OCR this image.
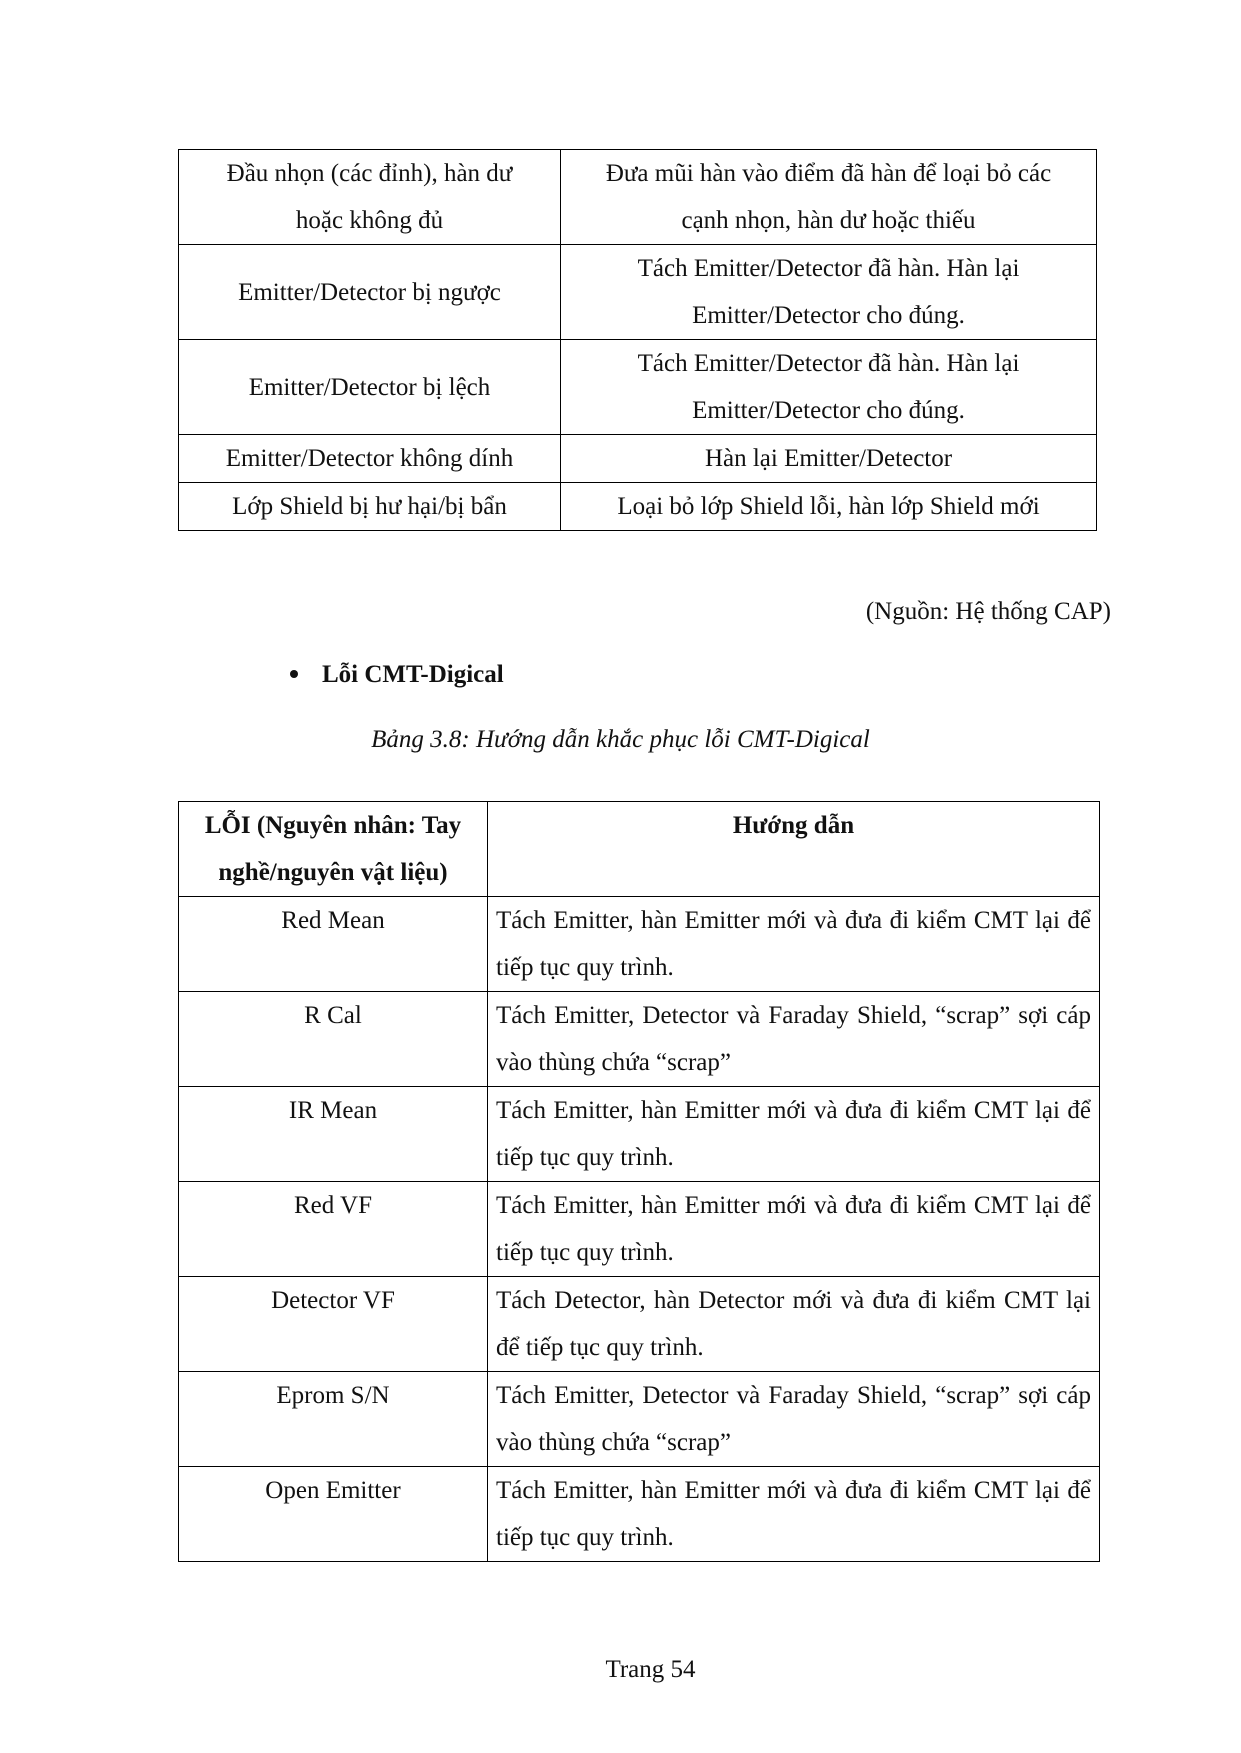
Đầu nhọn (các đỉnh), hàn dư hoặc không đủ	Đưa mũi hàn vào điểm đã hàn để loại bỏ các cạnh nhọn, hàn dư hoặc thiếu
Emitter/Detector bị ngược	Tách Emitter/Detector đã hàn. Hàn lại Emitter/Detector cho đúng.
Emitter/Detector bị lệch	Tách Emitter/Detector đã hàn. Hàn lại Emitter/Detector cho đúng.
Emitter/Detector không dính	Hàn lại Emitter/Detector
Lớp Shield bị hư hại/bị bẩn	Loại bỏ lớp Shield lỗi, hàn lớp Shield mới

(Nguồn: Hệ thống CAP)

Lỗi CMT-Digical

Bảng 3.8: Hướng dẫn khắc phục lỗi CMT-Digical

LỖI (Nguyên nhân: Tay nghề/nguyên vật liệu)	Hướng dẫn
Red Mean	Tách Emitter, hàn Emitter mới và đưa đi kiểm CMT lại để tiếp tục quy trình.
R Cal	Tách Emitter, Detector và Faraday Shield, “scrap” sợi cáp vào thùng chứa “scrap”
IR Mean	Tách Emitter, hàn Emitter mới và đưa đi kiểm CMT lại để tiếp tục quy trình.
Red VF	Tách Emitter, hàn Emitter mới và đưa đi kiểm CMT lại để tiếp tục quy trình.
Detector VF	Tách Detector, hàn Detector mới và đưa đi kiểm CMT lại để tiếp tục quy trình.
Eprom S/N	Tách Emitter, Detector và Faraday Shield, “scrap” sợi cáp vào thùng chứa “scrap”
Open Emitter	Tách Emitter, hàn Emitter mới và đưa đi kiểm CMT lại để tiếp tục quy trình.

Trang 54
